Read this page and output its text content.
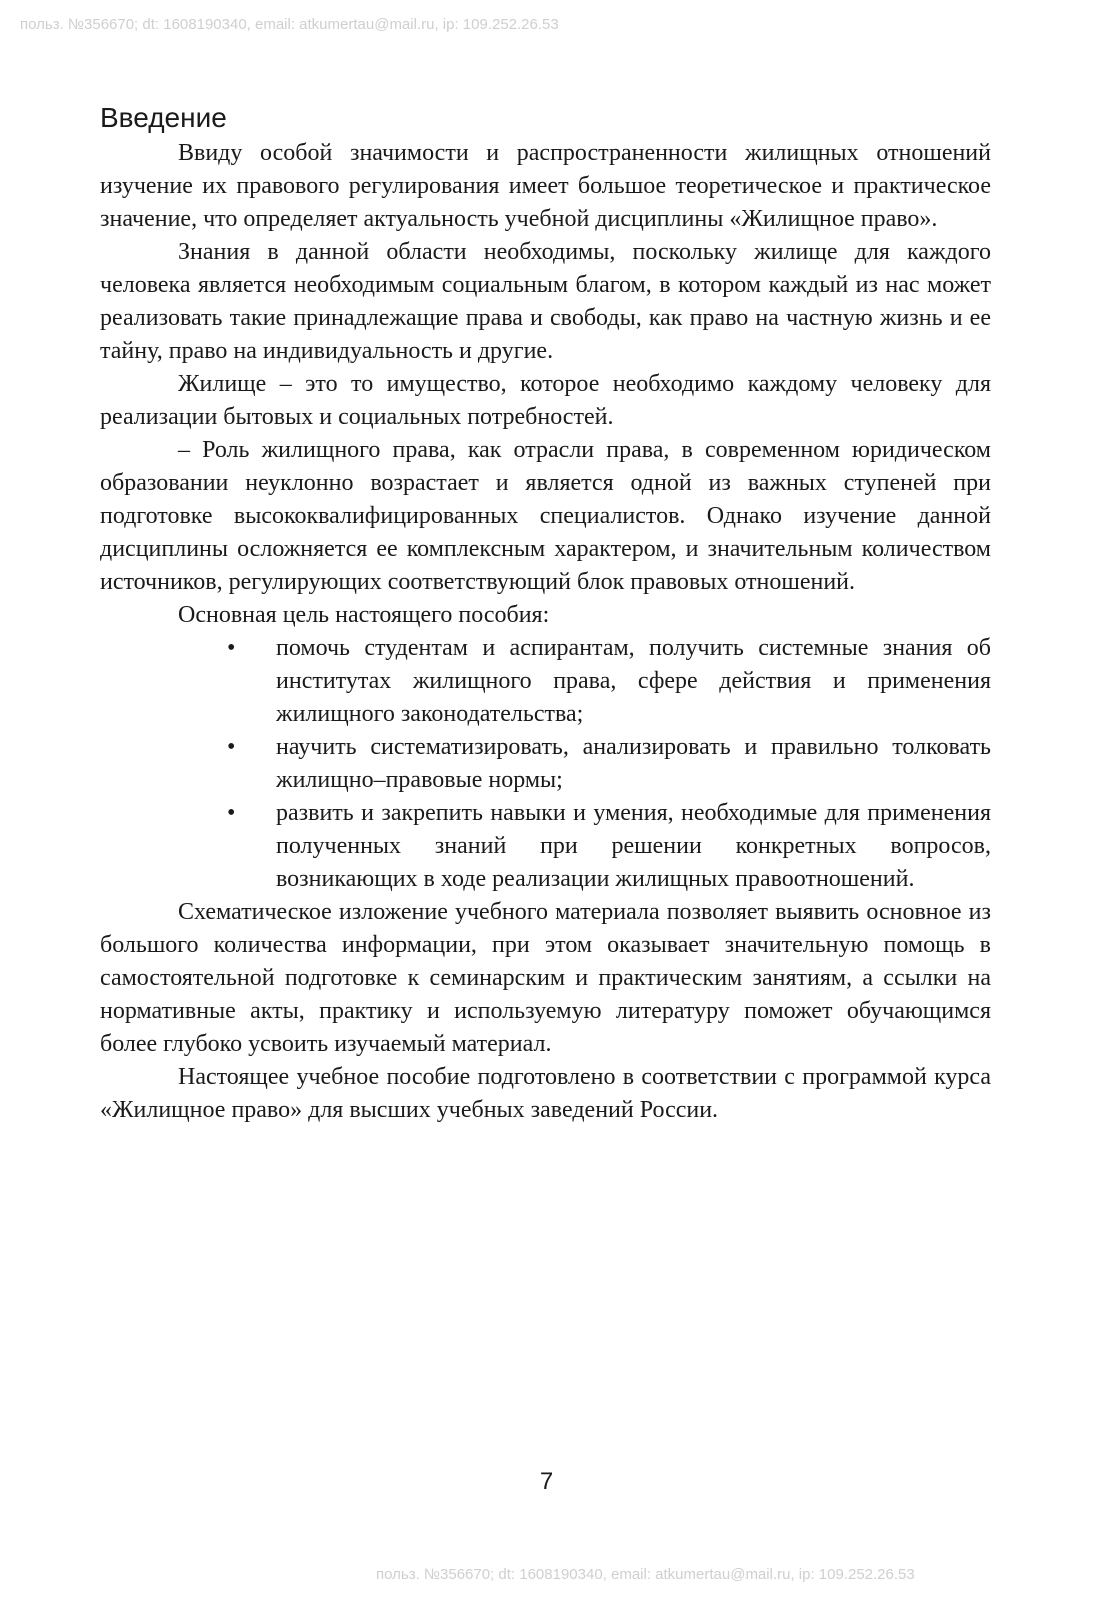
польз. №356670; dt: 1608190340, email: atkumertau@mail.ru, ip: 109.252.26.53
Введение

Ввиду особой значимости и распространенности жилищных отношений изучение их правового регулирования имеет большое теоретическое и практическое значение, что определяет актуальность учебной дисциплины «Жилищное право».

Знания в данной области необходимы, поскольку жилище для каждого человека является необходимым социальным благом, в котором каждый из нас может реализовать такие принадлежащие права и свободы, как право на частную жизнь и ее тайну, право на индивидуальность и другие.

Жилище – это то имущество, которое необходимо каждому человеку для реализации бытовых и социальных потребностей.

– Роль жилищного права, как отрасли права, в современном юридическом образовании неуклонно возрастает и является одной из важных ступеней при подготовке высококвалифицированных специалистов. Однако изучение данной дисциплины осложняется ее комплексным характером, и значительным количеством источников, регулирующих соответствующий блок правовых отношений.

Основная цель настоящего пособия:

• помочь студентам и аспирантам, получить системные знания об институтах жилищного права, сфере действия и применения жилищного законодательства;
• научить систематизировать, анализировать и правильно толковать жилищно–правовые нормы;
• развить и закрепить навыки и умения, необходимые для применения полученных знаний при решении конкретных вопросов, возникающих в ходе реализации жилищных правоотношений.

Схематическое изложение учебного материала позволяет выявить основное из большого количества информации, при этом оказывает значительную помощь в самостоятельной подготовке к семинарским и практическим занятиям, а ссылки на нормативные акты, практику и используемую литературу поможет обучающимся более глубоко усвоить изучаемый материал.

Настоящее учебное пособие подготовлено в соответствии с программой курса «Жилищное право» для высших учебных заведений России.

7
польз. №356670; dt: 1608190340, email: atkumertau@mail.ru, ip: 109.252.26.53
